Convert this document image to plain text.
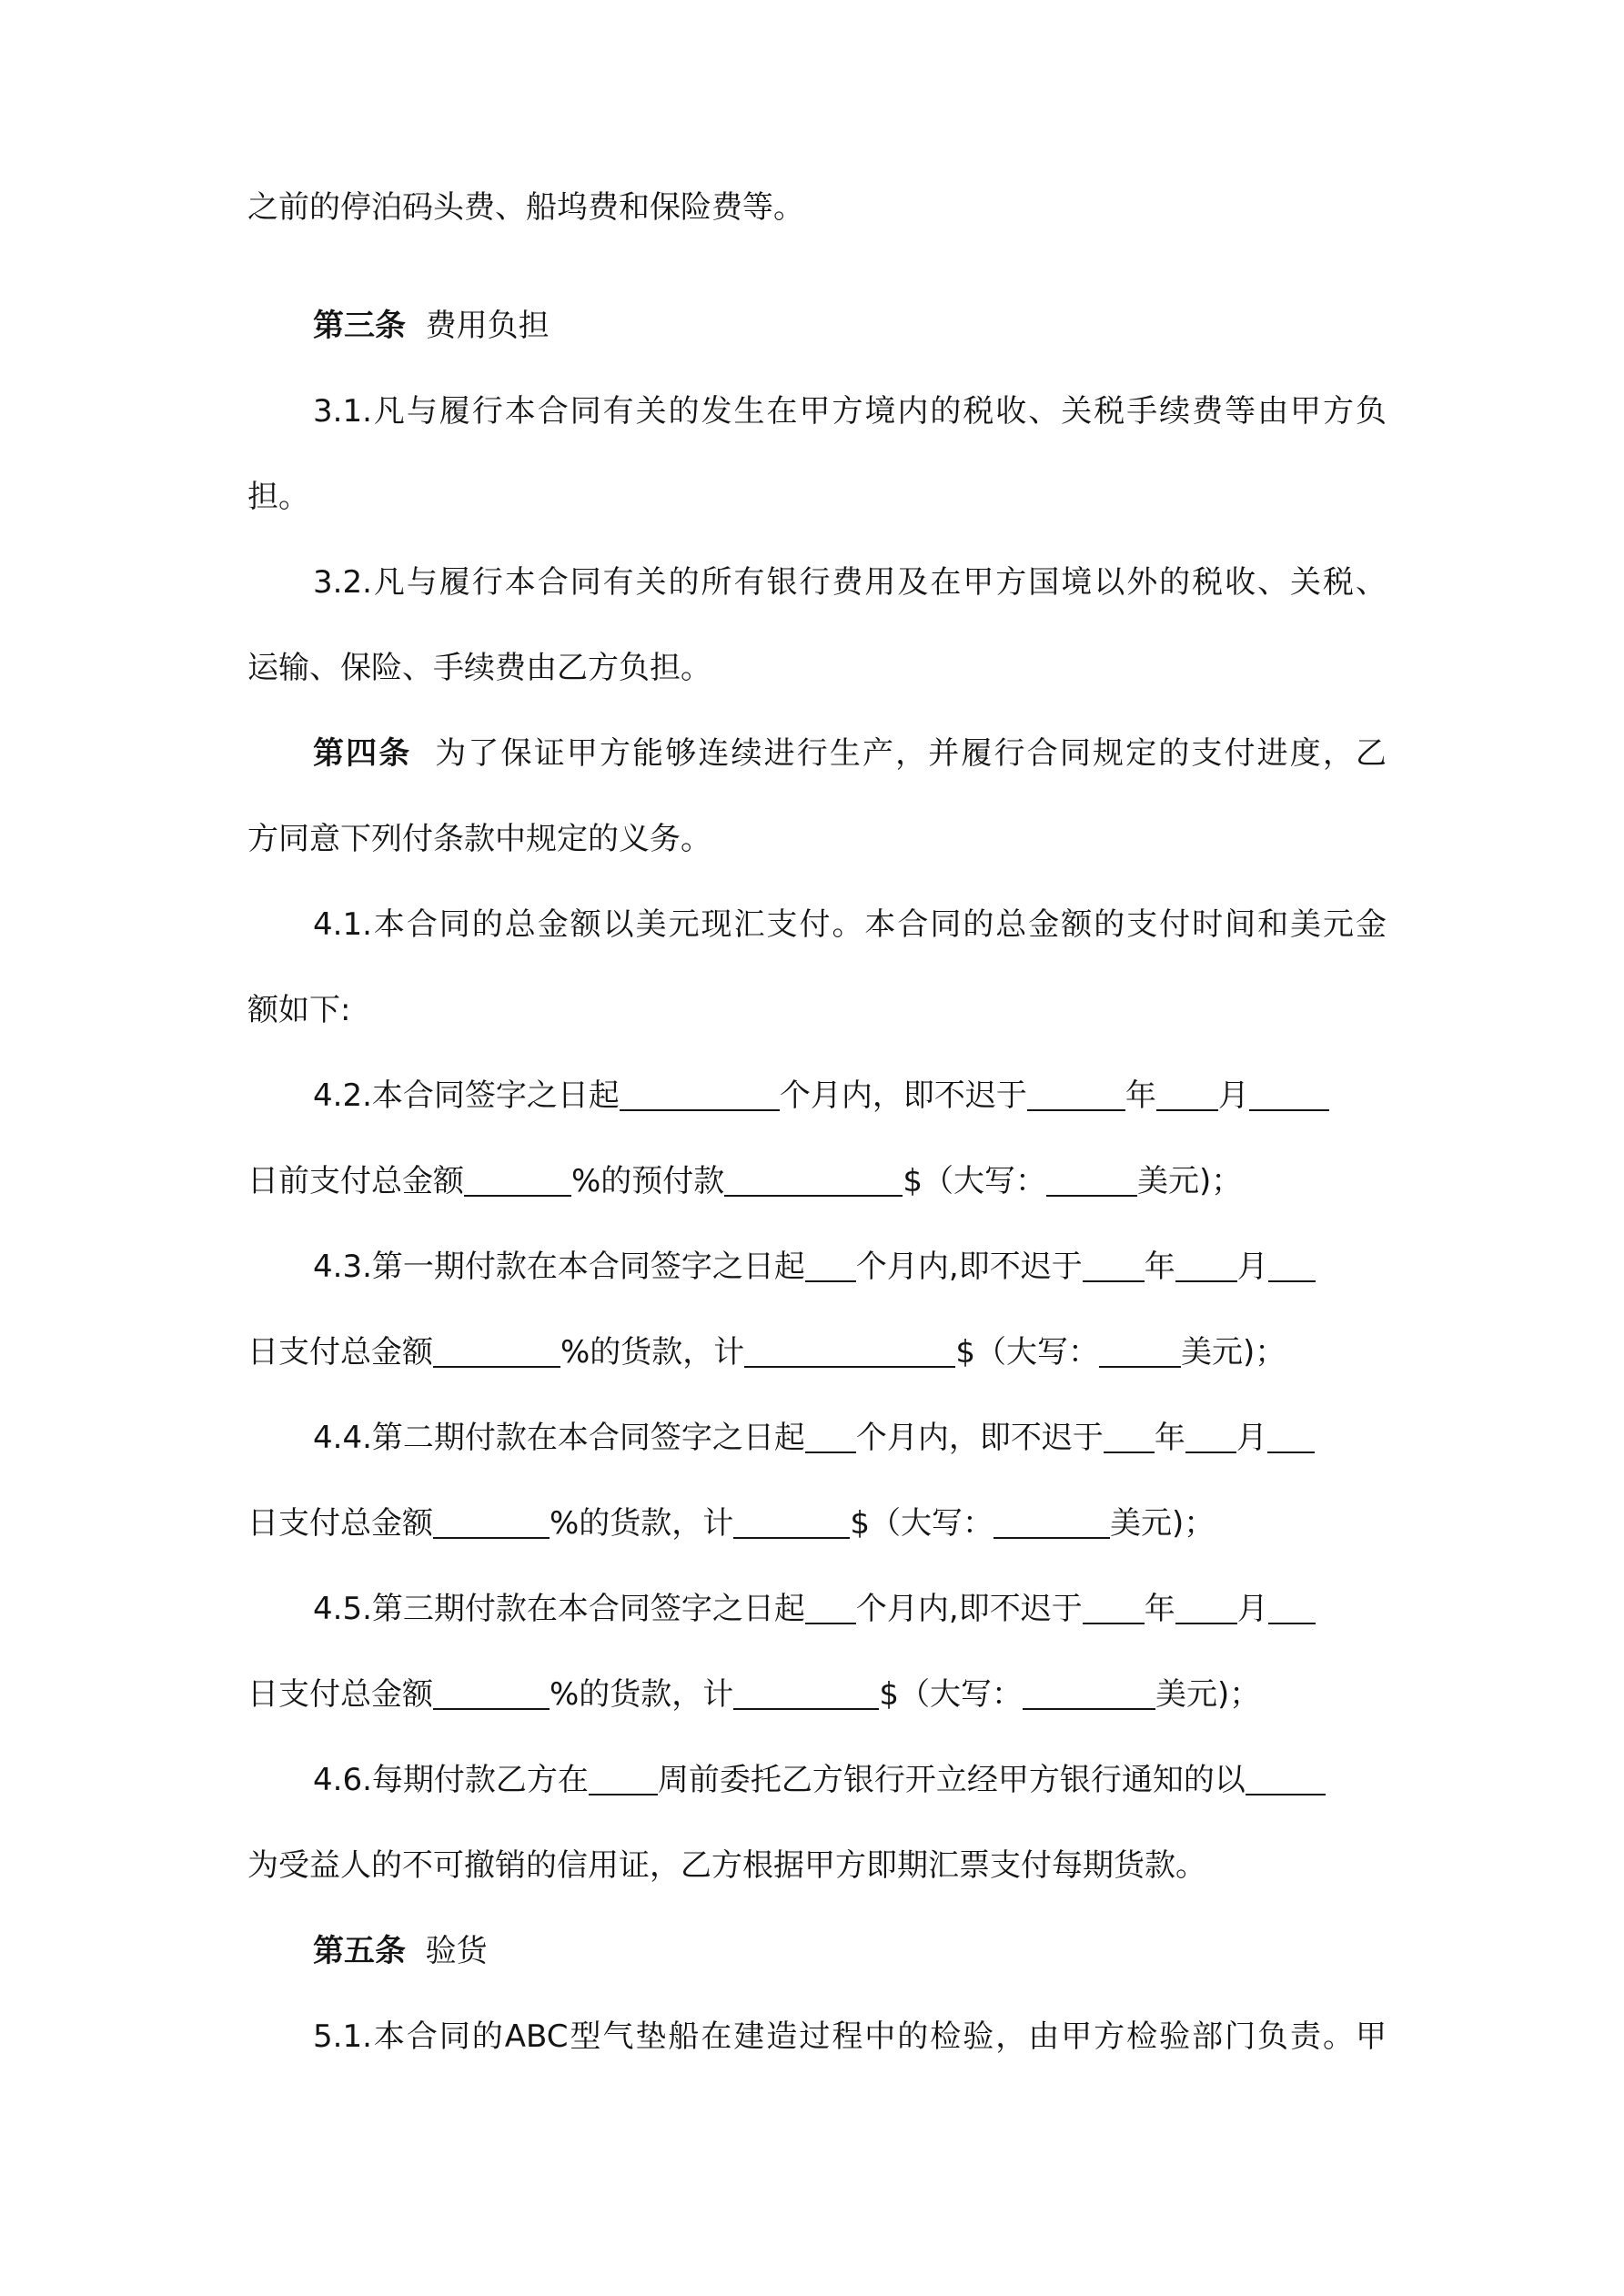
之前的停泊码头费、船坞费和保险费等。
第三条 费用负担
3.1.凡与履行本合同有关的发生在甲方境内的税收、关税手续费等由甲方负
担。
3.2.凡与履行本合同有关的所有银行费用及在甲方国境以外的税收、关税、
运输、保险、手续费由乙方负担。
第四条 为了保证甲方能够连续进行生产，并履行合同规定的支付进度，乙
方同意下列付条款中规定的义务。
4.1.本合同的总金额以美元现汇支付。本合同的总金额的支付时间和美元金
额如下:
4.2.本合同签字之日起	个月内，即不迟于	年 月
日前支付总金额	%的预付款	$（大写：	美元)；
4.3.第一期付款在本合同签字之日起 个月内,即不迟于 年 月
日支付总金额	%的货款，计	$（大写：	美元)；
4.4.第二期付款在本合同签字之日起 个月内，即不迟于 年 月
日支付总金额	%的货款，计	$（大写：	美元)；
4.5.第三期付款在本合同签字之日起 个月内,即不迟于 年 月
日支付总金额	%的货款，计	$（大写：	美元)；
4.6.每期付款乙方在 周前委托乙方银行开立经甲方银行通知的以
为受益人的不可撤销的信用证，乙方根据甲方即期汇票支付每期货款。
第五条 验货
5.1.本合同的ABC型气垫船在建造过程中的检验，由甲方检验部门负责。甲
